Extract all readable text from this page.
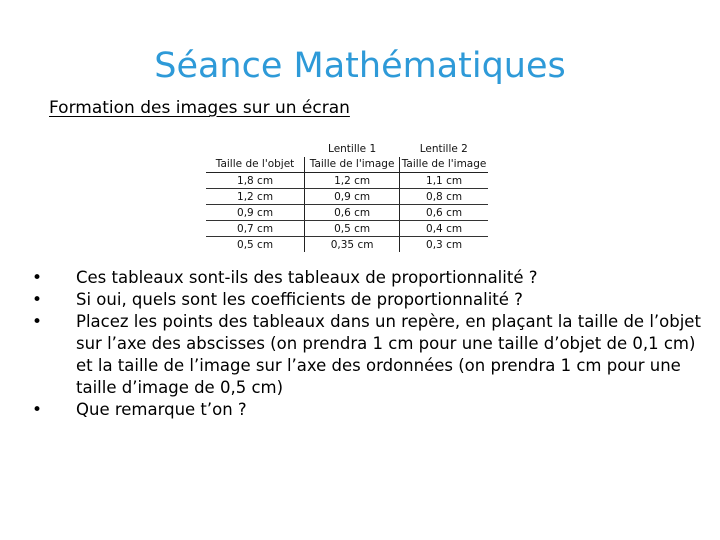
Séance Mathématiques
Formation des images sur un écran
	Lentille 1	Lentille 2
Taille de l'objet	Taille de l'image	Taille de l'image
1,8 cm	1,2 cm	1,1 cm
1,2 cm	0,9 cm	0,8 cm
0,9 cm	0,6 cm	0,6 cm
0,7 cm	0,5 cm	0,4 cm
0,5 cm	0,35 cm	0,3 cm
• Ces tableaux sont-ils des tableaux de proportionnalité ?
• Si oui, quels sont les coefficients de proportionnalité ?
• Placez les points des tableaux dans un repère, en plaçant la taille de l’objet sur l’axe des abscisses (on prendra 1 cm pour une taille d’objet de 0,1 cm) et la taille de l’image sur l’axe des ordonnées (on prendra 1 cm pour une taille d’image de 0,5 cm)
• Que remarque t’on ?
